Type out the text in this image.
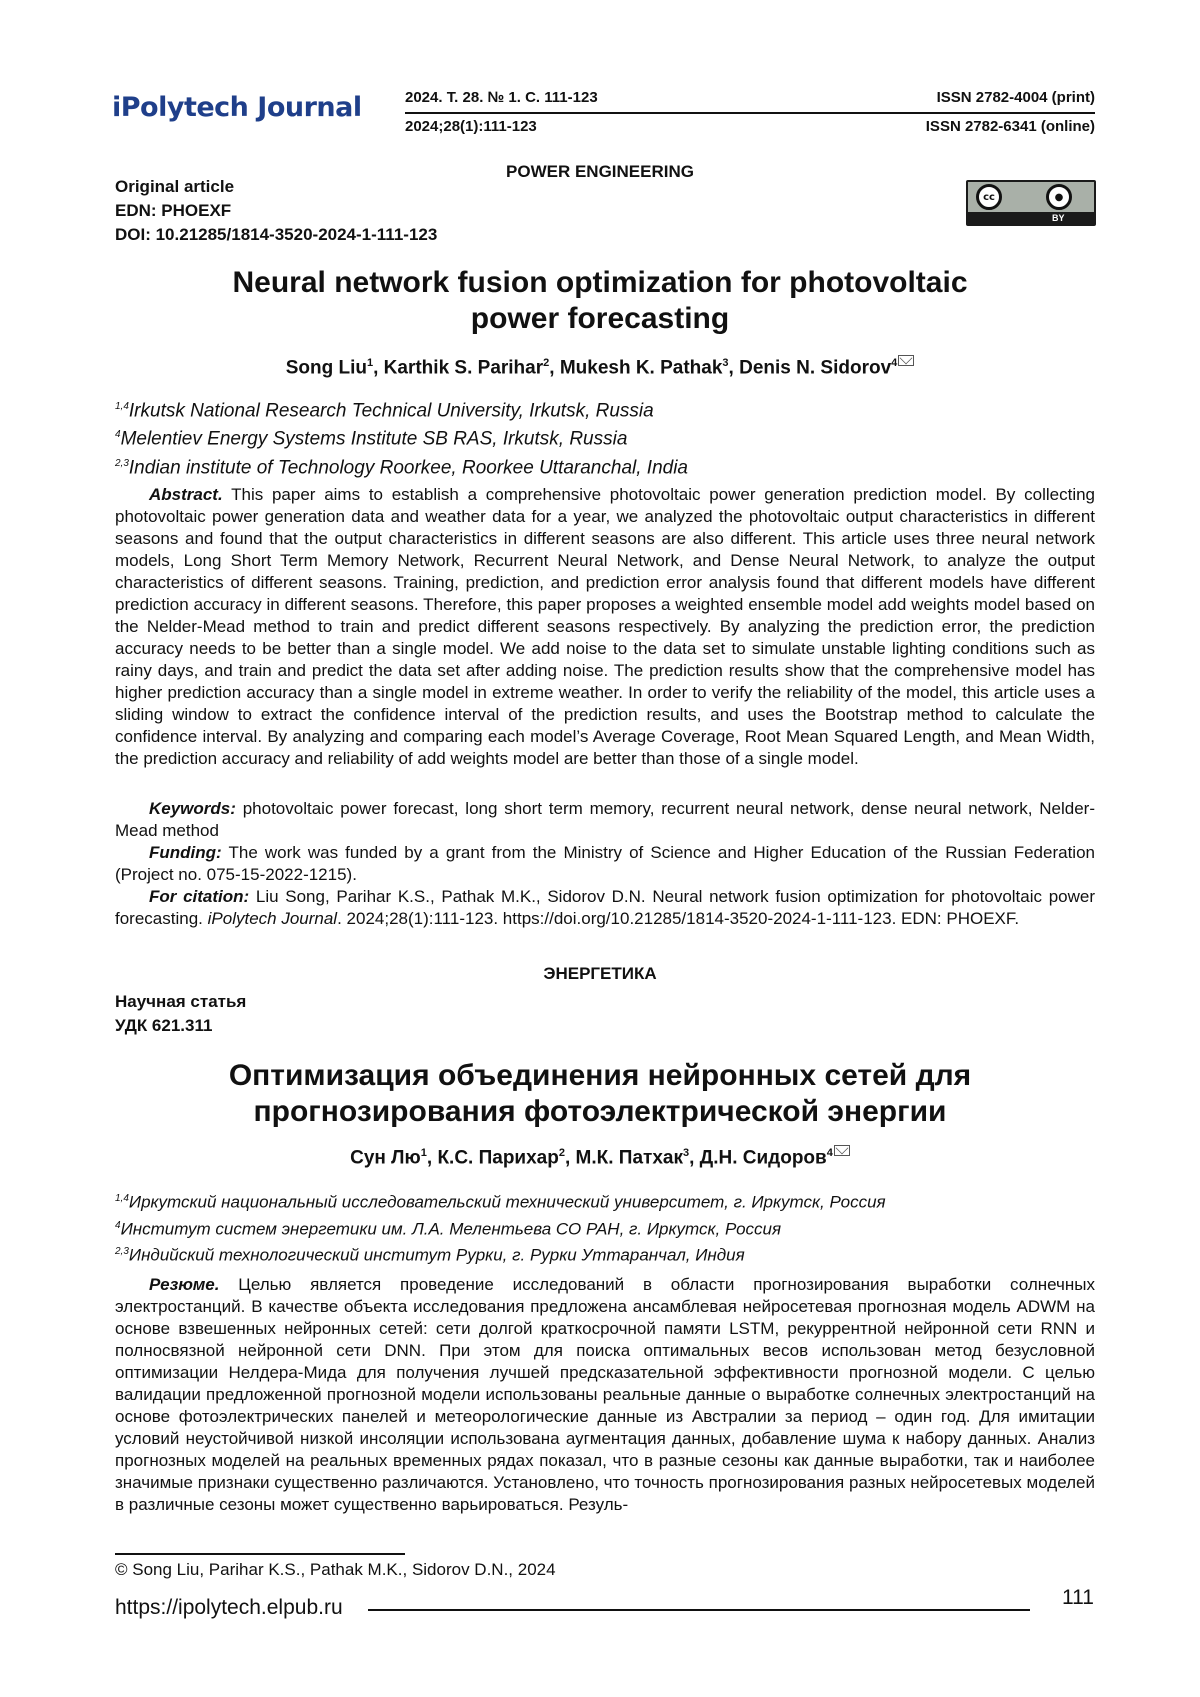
iPolytech Journal	2024. Т. 28. № 1. С. 111-123	ISSN 2782-4004 (print)
2024;28(1):111-123	ISSN 2782-6341 (online)
POWER ENGINEERING
Original article
EDN: PHOEXF
DOI: 10.21285/1814-3520-2024-1-111-123
cc	●
BY
Neural network fusion optimization for photovoltaic
power forecasting
Song Liu$^1$, Karthik S. Parihar$^2$, Mukesh K. Pathak$^3$, Denis N. Sidorov$^4$
$^{1,4}$Irkutsk National Research Technical University, Irkutsk, Russia
$^4$Melentiev Energy Systems Institute SB RAS, Irkutsk, Russia
$^{2,3}$Indian institute of Technology Roorkee, Roorkee Uttaranchal, India
Abstract. This paper aims to establish a comprehensive photovoltaic power generation prediction model. By collecting photovoltaic power generation data and weather data for a year, we analyzed the photovoltaic output characteristics in different seasons and found that the output characteristics in different seasons are also different. This article uses three neural network models, Long Short Term Memory Network, Recurrent Neural Network, and Dense Neural Network, to analyze the output characteristics of different seasons. Training, prediction, and prediction error analysis found that different models have different prediction accuracy in different seasons. Therefore, this paper proposes a weighted ensemble model add weights model based on the Nelder-Mead method to train and predict different seasons respectively. By analyzing the prediction error, the prediction accuracy needs to be better than a single model. We add noise to the data set to simulate unstable lighting conditions such as rainy days, and train and predict the data set after adding noise. The prediction results show that the comprehensive model has higher prediction accuracy than a single model in extreme weather. In order to verify the reliability of the model, this article uses a sliding window to extract the confidence interval of the prediction results, and uses the Bootstrap method to calculate the confidence interval. By analyzing and comparing each model’s Average Coverage, Root Mean Squared Length, and Mean Width, the prediction accuracy and reliability of add weights model are better than those of a single model.
Keywords: photovoltaic power forecast, long short term memory, recurrent neural network, dense neural network, Nelder-Mead method
Funding: The work was funded by a grant from the Ministry of Science and Higher Education of the Russian Federation (Project no. 075-15-2022-1215).
For citation: Liu Song, Parihar K.S., Pathak M.K., Sidorov D.N. Neural network fusion optimization for photovoltaic power forecasting. iPolytech Journal. 2024;28(1):111-123. https://doi.org/10.21285/1814-3520-2024-1-111-123. EDN: PHOEXF.
ЭНЕРГЕТИКА
Научная статья
УДК 621.311
Оптимизация объединения нейронных сетей для
прогнозирования фотоэлектрической энергии
Сун $Лю^1$, К.С. Парихар$^2$, М.К. Патхак$^3$, Д.Н. Сидоров$^4$
$^{1,4}$Иркутский национальный исследовательский технический университет, г. Иркутск, Россия
$^4$Институт систем энергетики им. Л.А. Мелентьева СО РАН, г. Иркутск, Россия
$^{2,3}$Индийский технологический институт Рурки, г. Рурки Уттаранчал, Индия
Резюме. Целью является проведение исследований в области прогнозирования выработки солнечных электростанций. В качестве объекта исследования предложена ансамблевая нейросетевая прогнозная модель ADWM на основе взвешенных нейронных сетей: сети долгой краткосрочной памяти LSTM, рекуррентной нейронной сети RNN и полносвязной нейронной сети DNN. При этом для поиска оптимальных весов использован метод безусловной оптимизации Нелдера-Мида для получения лучшей предсказательной эффективности прогнозной модели. С целью валидации предложенной прогнозной модели использованы реальные данные о выработке солнечных электростанций на основе фотоэлектрических панелей и метеорологические данные из Австралии за период – один год. Для имитации условий неустойчивой низкой инсоляции использована аугментация данных, добавление шума к набору данных. Анализ прогнозных моделей на реальных временных рядах показал, что в разные сезоны как данные выработки, так и наиболее значимые признаки существенно различаются. Установлено, что точность прогнозирования разных нейросетевых моделей в различные сезоны может существенно варьироваться. Резуль-
© Song Liu, Parihar K.S., Pathak M.K., Sidorov D.N., 2024
https://ipolytech.elpub.ru	111
